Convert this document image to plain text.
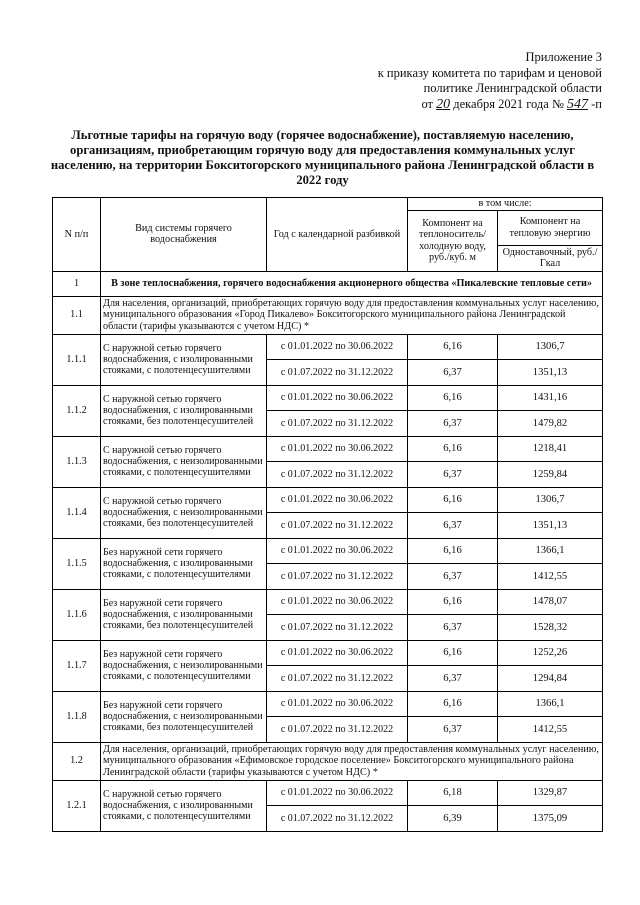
Приложение 3
к приказу комитета по тарифам и ценовой
политике Ленинградской области
от 20 декабря 2021 года № 547 -п
Льготные тарифы на горячую воду (горячее водоснабжение), поставляемую населению, организациям, приобретающим горячую воду для предоставления коммунальных услуг населению, на территории Бокситогорского муниципального района Ленинградской области в 2022 году
N п/п	Вид системы горячего водоснабжения	Год с календарной разбивкой	в том числе:	
			Компонент на теплоноситель/холодную воду, руб./куб. м	Компонент на тепловую энергию
				Одноставочный, руб./Гкал
1	В зоне теплоснабжения, горячего водоснабжения акционерного общества «Пикалевские тепловые сети»			
1.1	Для населения, организаций, приобретающих горячую воду для предоставления коммунальных услуг населению, муниципального образования «Город Пикалево» Бокситогорского муниципального района Ленинградской области (тарифы указываются с учетом НДС) *			
1.1.1	С наружной сетью горячего водоснабжения, с изолированными стояками, с полотенцесушителями	с 01.01.2022 по 30.06.2022	6,16	1306,7
		с 01.07.2022 по 31.12.2022	6,37	1351,13
1.1.2	С наружной сетью горячего водоснабжения, с изолированными стояками, без полотенцесушителей	с 01.01.2022 по 30.06.2022	6,16	1431,16
		с 01.07.2022 по 31.12.2022	6,37	1479,82
1.1.3	С наружной сетью горячего водоснабжения, с неизолированными стояками, с полотенцесушителями	с 01.01.2022 по 30.06.2022	6,16	1218,41
		с 01.07.2022 по 31.12.2022	6,37	1259,84
1.1.4	С наружной сетью горячего водоснабжения, с неизолированными стояками, без полотенцесушителей	с 01.01.2022 по 30.06.2022	6,16	1306,7
		с 01.07.2022 по 31.12.2022	6,37	1351,13
1.1.5	Без наружной сети горячего водоснабжения, с изолированными стояками, с полотенцесушителями	с 01.01.2022 по 30.06.2022	6,16	1366,1
		с 01.07.2022 по 31.12.2022	6,37	1412,55
1.1.6	Без наружной сети горячего водоснабжения, с изолированными стояками, без полотенцесушителей	с 01.01.2022 по 30.06.2022	6,16	1478,07
		с 01.07.2022 по 31.12.2022	6,37	1528,32
1.1.7	Без наружной сети горячего водоснабжения, с неизолированными стояками, с полотенцесушителями	с 01.01.2022 по 30.06.2022	6,16	1252,26
		с 01.07.2022 по 31.12.2022	6,37	1294,84
1.1.8	Без наружной сети горячего водоснабжения, с неизолированными стояками, без полотенцесушителей	с 01.01.2022 по 30.06.2022	6,16	1366,1
		с 01.07.2022 по 31.12.2022	6,37	1412,55
1.2	Для населения, организаций, приобретающих горячую воду для предоставления коммунальных услуг населению, муниципального образования «Ефимовское городское поселение» Бокситогорского муниципального района Ленинградской области (тарифы указываются с учетом НДС) *			
1.2.1	С наружной сетью горячего водоснабжения, с изолированными стояками, с полотенцесушителями	с 01.01.2022 по 30.06.2022	6,18	1329,87
		с 01.07.2022 по 31.12.2022	6,39	1375,09
